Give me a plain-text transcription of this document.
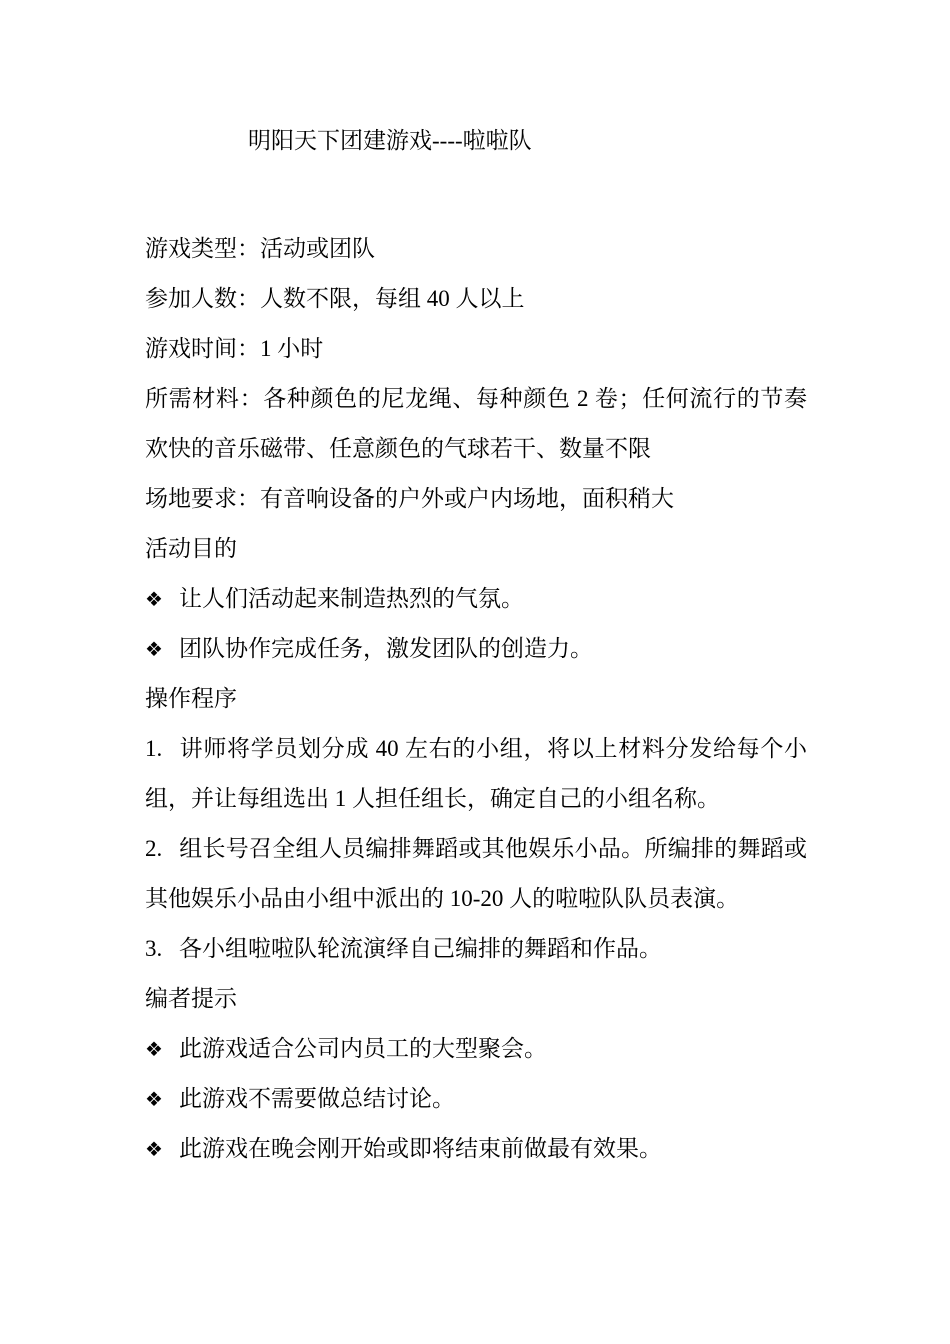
明阳天下团建游戏----啦啦队
游戏类型：活动或团队
参加人数：人数不限，每组 40 人以上
游戏时间：1 小时
所需材料：各种颜色的尼龙绳、每种颜色 2 卷；任何流行的节奏欢快的音乐磁带、任意颜色的气球若干、数量不限
场地要求：有音响设备的户外或户内场地，面积稍大
活动目的
❖ 让人们活动起来制造热烈的气氛。
❖ 团队协作完成任务，激发团队的创造力。
操作程序
1. 讲师将学员划分成 40 左右的小组，将以上材料分发给每个小组，并让每组选出 1 人担任组长，确定自己的小组名称。
2. 组长号召全组人员编排舞蹈或其他娱乐小品。所编排的舞蹈或其他娱乐小品由小组中派出的 10-20 人的啦啦队队员表演。
3. 各小组啦啦队轮流演绎自己编排的舞蹈和作品。
编者提示
❖ 此游戏适合公司内员工的大型聚会。
❖ 此游戏不需要做总结讨论。
❖ 此游戏在晚会刚开始或即将结束前做最有效果。
